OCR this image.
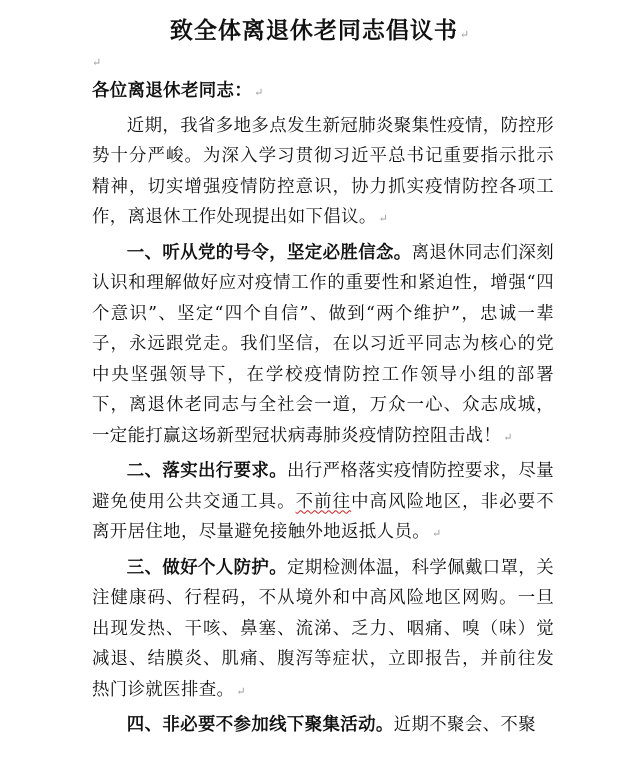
致全体离退休老同志倡议书 ↵
↵

各位离退休老同志： ↵

近期，我省多地多点发生新冠肺炎聚集性疫情，防控形势十分严峻。为深入学习贯彻习近平总书记重要指示批示精神，切实增强疫情防控意识，协力抓实疫情防控各项工作，离退休工作处现提出如下倡议。 ↵

一、听从党的号令，坚定必胜信念。离退休同志们深刻认识和理解做好应对疫情工作的重要性和紧迫性，增强“四个意识”、坚定“四个自信”、做到“两个维护”，忠诚一辈子，永远跟党走。我们坚信，在以习近平同志为核心的党中央坚强领导下，在学校疫情防控工作领导小组的部署下，离退休老同志与全社会一道，万众一心、众志成城，一定能打赢这场新型冠状病毒肺炎疫情防控阻击战！ ↵

二、落实出行要求。出行严格落实疫情防控要求，尽量避免使用公共交通工具。不前往中高风险地区，非必要不离开居住地，尽量避免接触外地返抵人员。 ↵

三、做好个人防护。定期检测体温，科学佩戴口罩，关注健康码、行程码，不从境外和中高风险地区网购。一旦出现发热、干咳、鼻塞、流涕、乏力、咽痛、嗅（味）觉减退、结膜炎、肌痛、腹泻等症状，立即报告，并前往发热门诊就医排查。 ↵

四、非必要不参加线下聚集活动。近期不聚会、不聚
